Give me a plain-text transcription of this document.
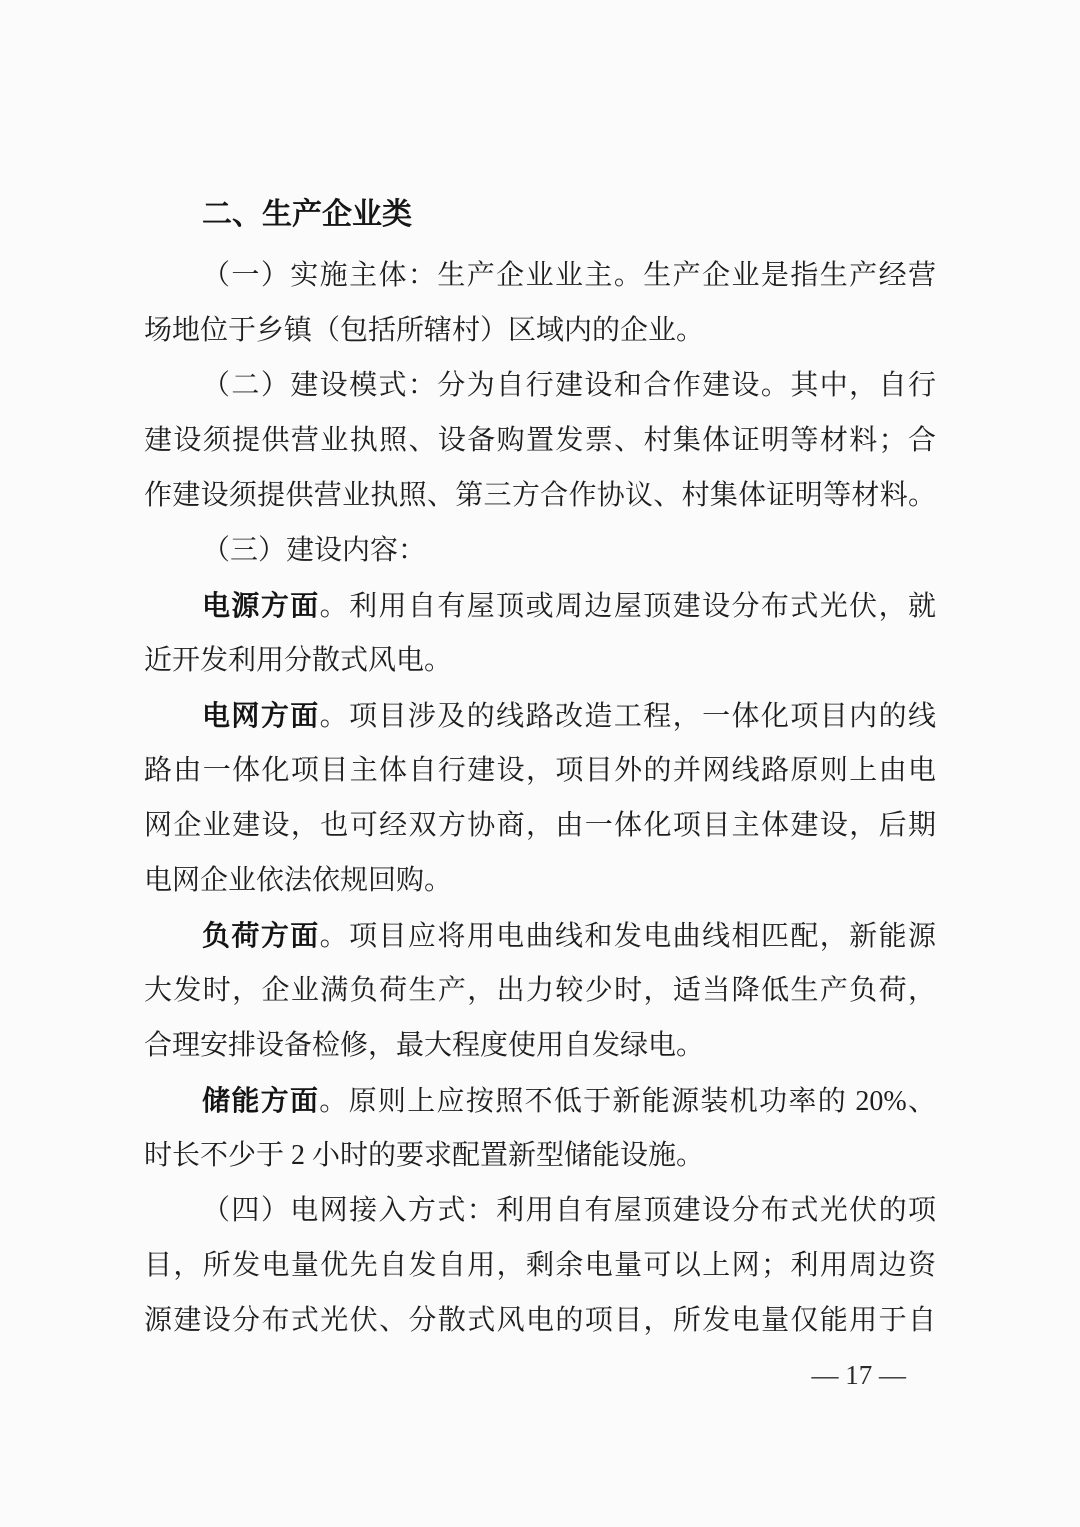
二、生产企业类
（一）实施主体：生产企业业主。生产企业是指生产经营
场地位于乡镇（包括所辖村）区域内的企业。
（二）建设模式：分为自行建设和合作建设。其中，自行
建设须提供营业执照、设备购置发票、村集体证明等材料；合
作建设须提供营业执照、第三方合作协议、村集体证明等材料。
（三）建设内容：
电源方面。利用自有屋顶或周边屋顶建设分布式光伏，就
近开发利用分散式风电。
电网方面。项目涉及的线路改造工程，一体化项目内的线
路由一体化项目主体自行建设，项目外的并网线路原则上由电
网企业建设，也可经双方协商，由一体化项目主体建设，后期
电网企业依法依规回购。
负荷方面。项目应将用电曲线和发电曲线相匹配，新能源
大发时，企业满负荷生产，出力较少时，适当降低生产负荷，
合理安排设备检修，最大程度使用自发绿电。
储能方面。原则上应按照不低于新能源装机功率的 20%、
时长不少于 2 小时的要求配置新型储能设施。
（四）电网接入方式：利用自有屋顶建设分布式光伏的项
目，所发电量优先自发自用，剩余电量可以上网；利用周边资
源建设分布式光伏、分散式风电的项目，所发电量仅能用于自
— 17 —
